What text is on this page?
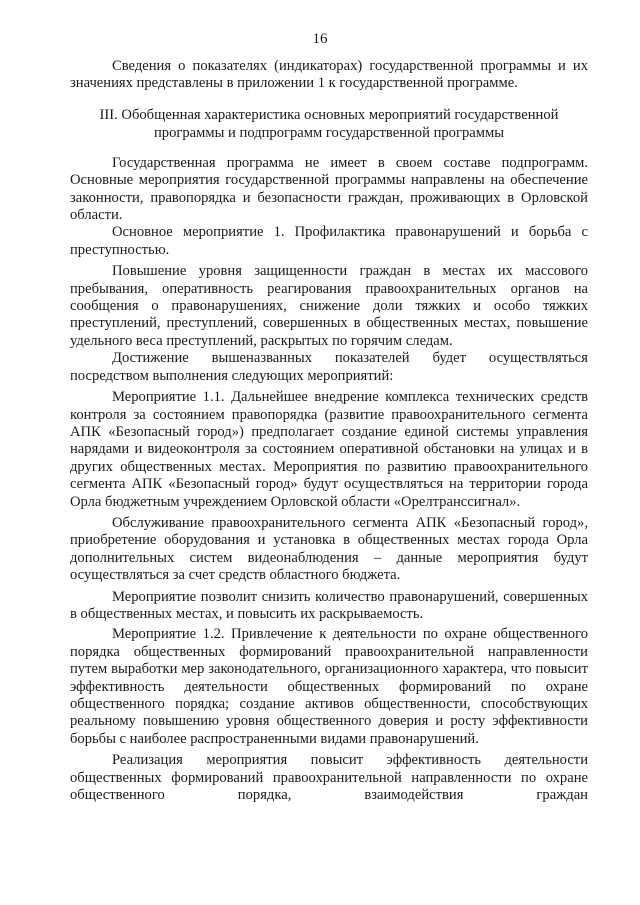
16

Сведения о показателях (индикаторах) государственной программы и их значениях представлены в приложении 1 к государственной программе.

III. Обобщенная характеристика основных мероприятий государственной программы и подпрограмм государственной программы

Государственная программа не имеет в своем составе подпрограмм. Основные мероприятия государственной программы направлены на обеспечение законности, правопорядка и безопасности граждан, проживающих в Орловской области.

Основное мероприятие 1. Профилактика правонарушений и борьба с преступностью.

Повышение уровня защищенности граждан в местах их массового пребывания, оперативность реагирования правоохранительных органов на сообщения о правонарушениях, снижение доли тяжких и особо тяжких преступлений, преступлений, совершенных в общественных местах, повышение удельного веса преступлений, раскрытых по горячим следам.

Достижение вышеназванных показателей будет осуществляться посредством выполнения следующих мероприятий:

Мероприятие 1.1. Дальнейшее внедрение комплекса технических средств контроля за состоянием правопорядка (развитие правоохранительного сегмента АПК «Безопасный город») предполагает создание единой системы управления нарядами и видеоконтроля за состоянием оперативной обстановки на улицах и в других общественных местах. Мероприятия по развитию правоохранительного сегмента АПК «Безопасный город» будут осуществляться на территории города Орла бюджетным учреждением Орловской области «Орелтранссигнал».

Обслуживание правоохранительного сегмента АПК «Безопасный город», приобретение оборудования и установка в общественных местах города Орла дополнительных систем видеонаблюдения – данные мероприятия будут осуществляться за счет средств областного бюджета.

Мероприятие позволит снизить количество правонарушений, совершенных в общественных местах, и повысить их раскрываемость.

Мероприятие 1.2. Привлечение к деятельности по охране общественного порядка общественных формирований правоохранительной направленности путем выработки мер законодательного, организационного характера, что повысит эффективность деятельности общественных формирований по охране общественного порядка; создание активов общественности, способствующих реальному повышению уровня общественного доверия и росту эффективности борьбы с наиболее распространенными видами правонарушений.

Реализация мероприятия повысит эффективность деятельности общественных формирований правоохранительной направленности по охране общественного порядка, взаимодействия граждан
